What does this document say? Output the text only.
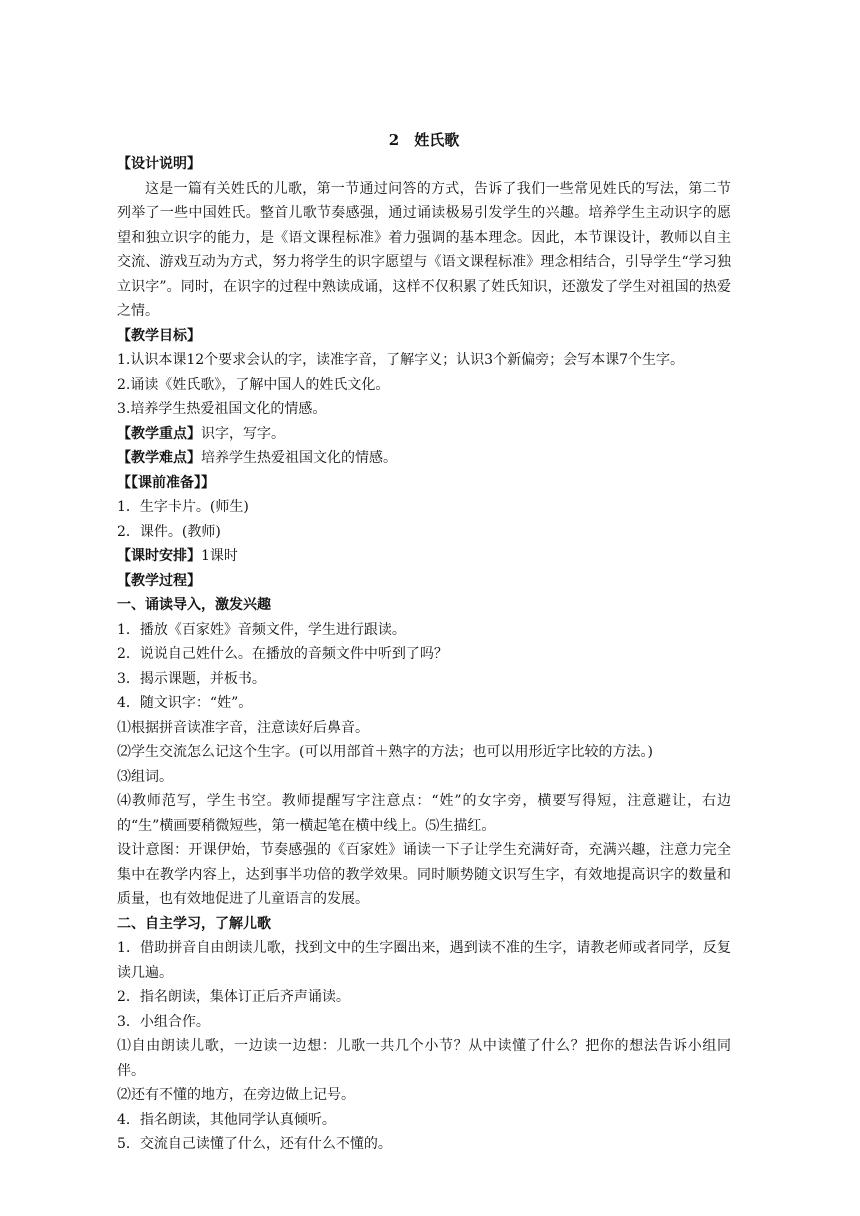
2　姓氏歌

【设计说明】

这是一篇有关姓氏的儿歌，第一节通过问答的方式，告诉了我们一些常见姓氏的写法，第二节列举了一些中国姓氏。整首儿歌节奏感强，通过诵读极易引发学生的兴趣。培养学生主动识字的愿望和独立识字的能力，是《语文课程标准》着力强调的基本理念。因此，本节课设计，教师以自主交流、游戏互动为方式，努力将学生的识字愿望与《语文课程标准》理念相结合，引导学生“学习独立识字”。同时，在识字的过程中熟读成诵，这样不仅积累了姓氏知识，还激发了学生对祖国的热爱之情。

【教学目标】

1.认识本课12个要求会认的字，读准字音，了解字义；认识3个新偏旁；会写本课7个生字。

2.诵读《姓氏歌》，了解中国人的姓氏文化。

3.培养学生热爱祖国文化的情感。

【教学重点】识字，写字。

【教学难点】培养学生热爱祖国文化的情感。

【【课前准备】】

1．生字卡片。(师生)

2．课件。(教师)

【课时安排】1课时

【教学过程】

一、诵读导入，激发兴趣

1．播放《百家姓》音频文件，学生进行跟读。

2．说说自己姓什么。在播放的音频文件中听到了吗？

3．揭示课题，并板书。

4．随文识字：“姓”。

⑴根据拼音读准字音，注意读好后鼻音。

⑵学生交流怎么记这个生字。(可以用部首＋熟字的方法；也可以用形近字比较的方法。)

⑶组词。

⑷教师范写，学生书空。教师提醒写字注意点：“姓”的女字旁，横要写得短，注意避让，右边的“生”横画要稍微短些，第一横起笔在横中线上。⑸生描红。

设计意图：开课伊始，节奏感强的《百家姓》诵读一下子让学生充满好奇，充满兴趣，注意力完全集中在教学内容上，达到事半功倍的教学效果。同时顺势随文识写生字，有效地提高识字的数量和质量，也有效地促进了儿童语言的发展。

二、自主学习，了解儿歌

1．借助拼音自由朗读儿歌，找到文中的生字圈出来，遇到读不准的生字，请教老师或者同学，反复读几遍。

2．指名朗读，集体订正后齐声诵读。

3．小组合作。

⑴自由朗读儿歌，一边读一边想：儿歌一共几个小节？从中读懂了什么？把你的想法告诉小组同伴。

⑵还有不懂的地方，在旁边做上记号。

4．指名朗读，其他同学认真倾听。

5．交流自己读懂了什么，还有什么不懂的。
